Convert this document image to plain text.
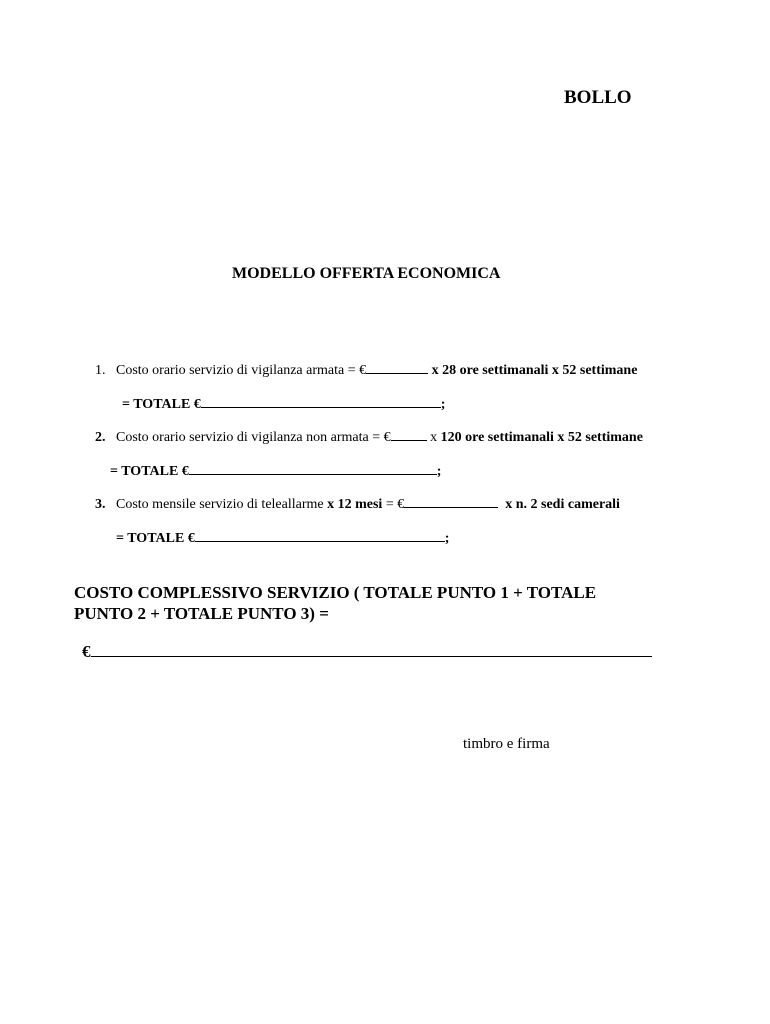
BOLLO
MODELLO OFFERTA ECONOMICA
1. Costo orario servizio di vigilanza armata = €	x 28 ore settimanali x 52 settimane
= TOTALE €	;
2. Costo orario servizio di vigilanza non armata = €	x 120 ore settimanali x 52 settimane
= TOTALE €	;
3. Costo mensile servizio di teleallarme x 12 mesi = €	x n. 2 sedi camerali
= TOTALE €	;
COSTO COMPLESSIVO SERVIZIO ( TOTALE PUNTO 1 + TOTALE
PUNTO 2 + TOTALE PUNTO 3) =
€
timbro e firma
